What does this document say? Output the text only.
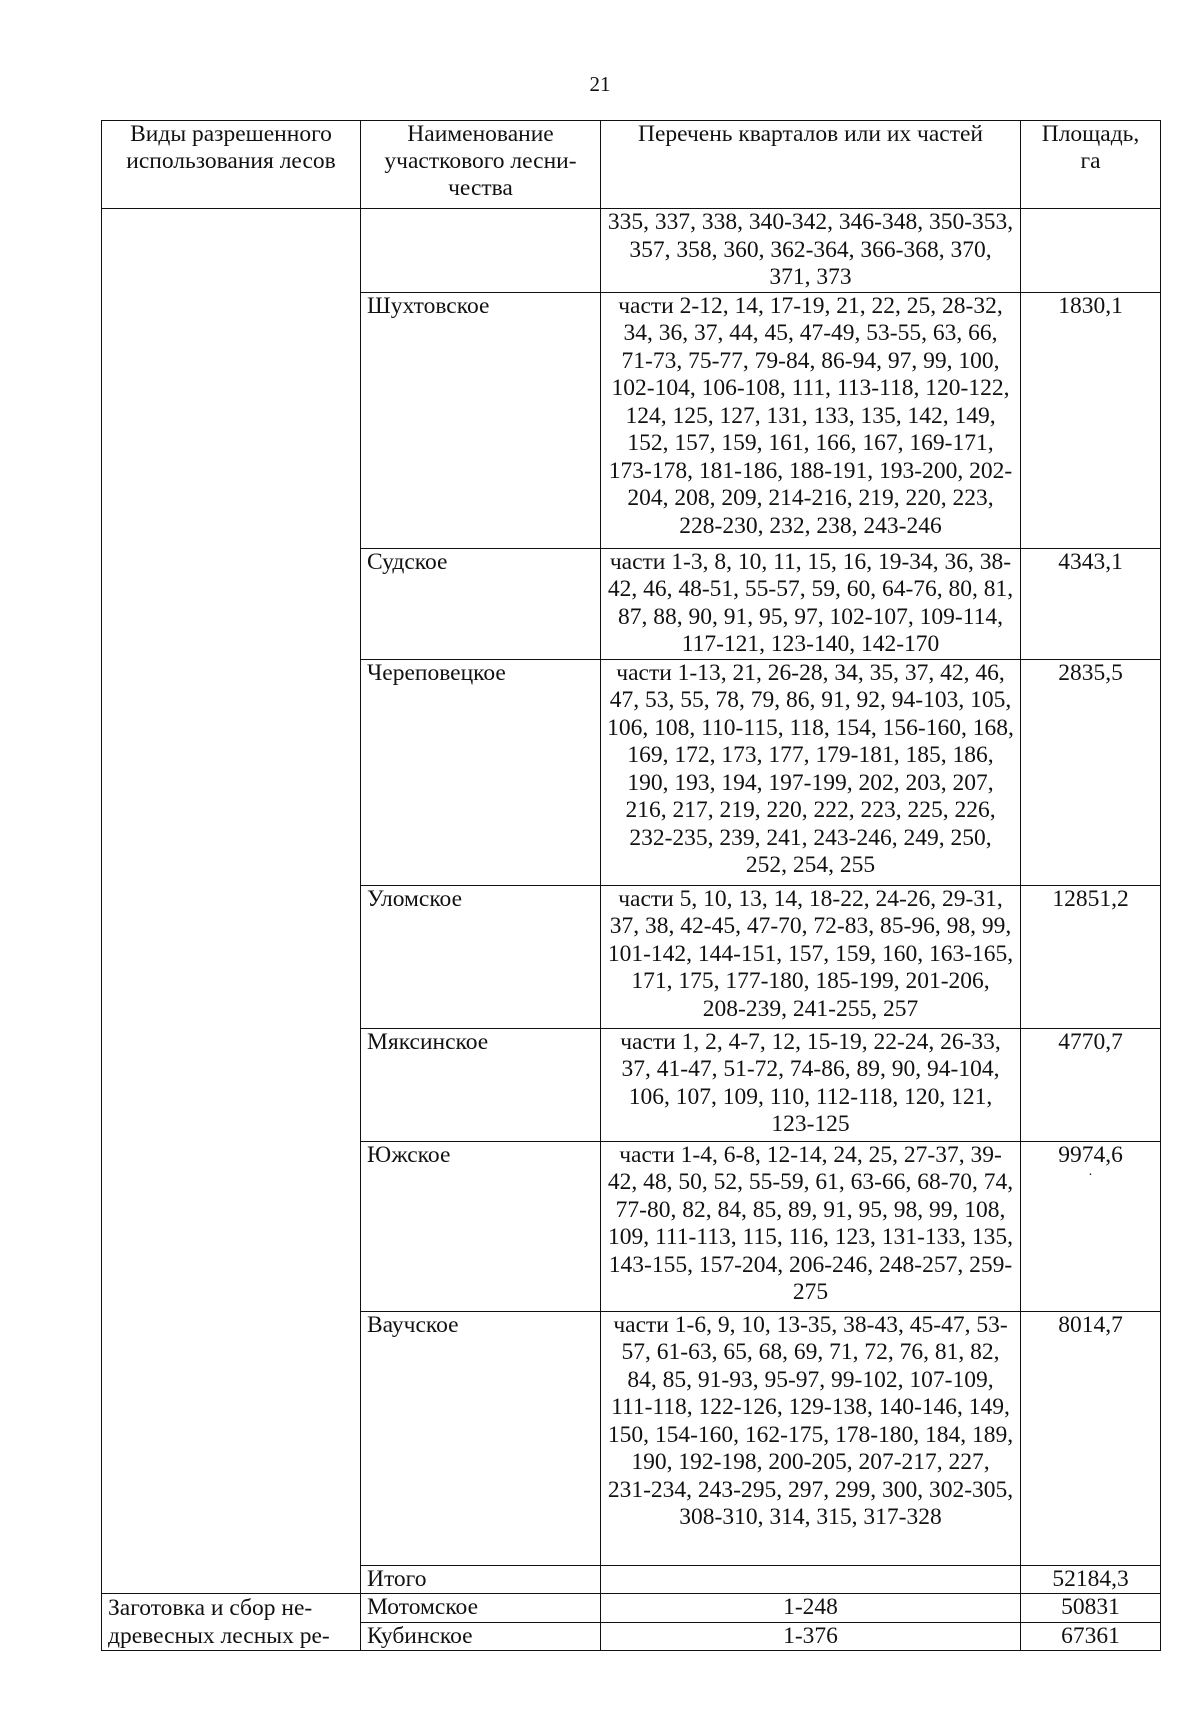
21
Виды разрешенного использования лесов	Наименование участкового лесни-чества	Перечень кварталов или их частей	Площадь, га
		335, 337, 338, 340-342, 346-348, 350-353, 357, 358, 360, 362-364, 366-368, 370, 371, 373	
	Шухтовское	части 2-12, 14, 17-19, 21, 22, 25, 28-32, 34, 36, 37, 44, 45, 47-49, 53-55, 63, 66, 71-73, 75-77, 79-84, 86-94, 97, 99, 100, 102-104, 106-108, 111, 113-118, 120-122, 124, 125, 127, 131, 133, 135, 142, 149, 152, 157, 159, 161, 166, 167, 169-171, 173-178, 181-186, 188-191, 193-200, 202-204, 208, 209, 214-216, 219, 220, 223, 228-230, 232, 238, 243-246	1830,1
	Судское	части 1-3, 8, 10, 11, 15, 16, 19-34, 36, 38-42, 46, 48-51, 55-57, 59, 60, 64-76, 80, 81, 87, 88, 90, 91, 95, 97, 102-107, 109-114, 117-121, 123-140, 142-170	4343,1
	Череповецкое	части 1-13, 21, 26-28, 34, 35, 37, 42, 46, 47, 53, 55, 78, 79, 86, 91, 92, 94-103, 105, 106, 108, 110-115, 118, 154, 156-160, 168, 169, 172, 173, 177, 179-181, 185, 186, 190, 193, 194, 197-199, 202, 203, 207, 216, 217, 219, 220, 222, 223, 225, 226, 232-235, 239, 241, 243-246, 249, 250, 252, 254, 255	2835,5
	Уломское	части 5, 10, 13, 14, 18-22, 24-26, 29-31, 37, 38, 42-45, 47-70, 72-83, 85-96, 98, 99, 101-142, 144-151, 157, 159, 160, 163-165, 171, 175, 177-180, 185-199, 201-206, 208-239, 241-255, 257	12851,2
	Мяксинское	части 1, 2, 4-7, 12, 15-19, 22-24, 26-33, 37, 41-47, 51-72, 74-86, 89, 90, 94-104, 106, 107, 109, 110, 112-118, 120, 121, 123-125	4770,7
	Южское	части 1-4, 6-8, 12-14, 24, 25, 27-37, 39-42, 48, 50, 52, 55-59, 61, 63-66, 68-70, 74, 77-80, 82, 84, 85, 89, 91, 95, 98, 99, 108, 109, 111-113, 115, 116, 123, 131-133, 135, 143-155, 157-204, 206-246, 248-257, 259-275	9974,6
·

	Ваучское	части 1-6, 9, 10, 13-35, 38-43, 45-47, 53-57, 61-63, 65, 68, 69, 71, 72, 76, 81, 82, 84, 85, 91-93, 95-97, 99-102, 107-109, 111-118, 122-126, 129-138, 140-146, 149, 150, 154-160, 162-175, 178-180, 184, 189, 190, 192-198, 200-205, 207-217, 227, 231-234, 243-295, 297, 299, 300, 302-305, 308-310, 314, 315, 317-328	8014,7
	Итого		52184,3
Заготовка и сбор не-древесных лесных ре-	Мотомское	1-248	50831
	Кубинское	1-376	67361
